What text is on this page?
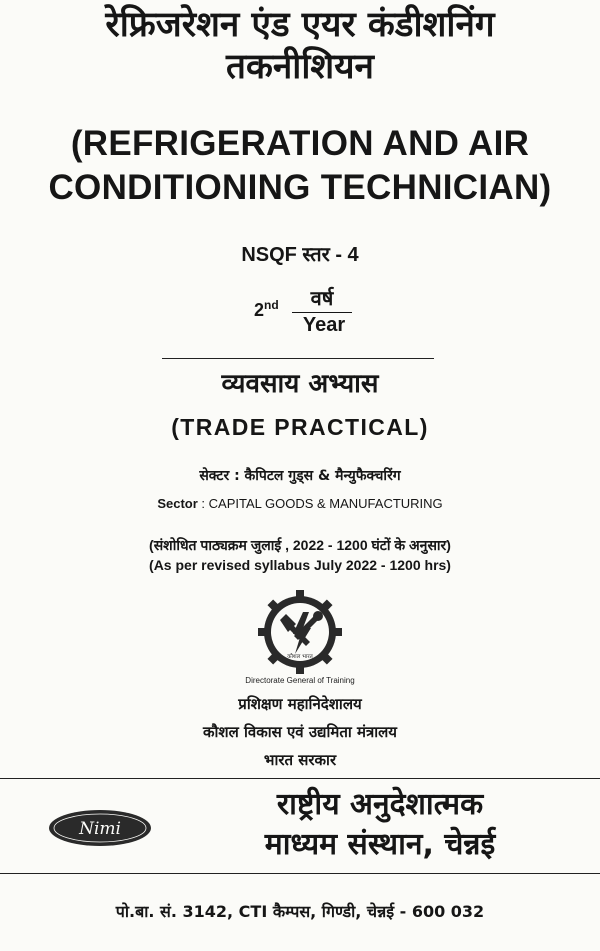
रेफ्रिजरेशन एंड एयर कंडीशनिंग
तकनीशियन
(REFRIGERATION AND AIR
CONDITIONING TECHNICIAN)
NSQF स्तर - 4
2nd	वर्ष
Year
व्यवसाय अभ्यास
(TRADE PRACTICAL)
सेक्टर : कैपिटल गुड्स & मैन्युफैक्चरिंग
Sector : CAPITAL GOODS & MANUFACTURING
(संशोधित पाठ्यक्रम जुलाई , 2022 - 1200 घंटों के अनुसार)
(As per revised syllabus July 2022 - 1200 hrs)
कौशल भारत
Directorate General of Training
प्रशिक्षण महानिदेशालय
कौशल विकास एवं उद्यमिता मंत्रालय
भारत सरकार
Nimi
राष्ट्रीय अनुदेशात्मक
माध्यम संस्थान, चेन्नई
पो.बा. सं. 3142, CTI कैम्पस, गिण्डी, चेन्नई - 600 032
